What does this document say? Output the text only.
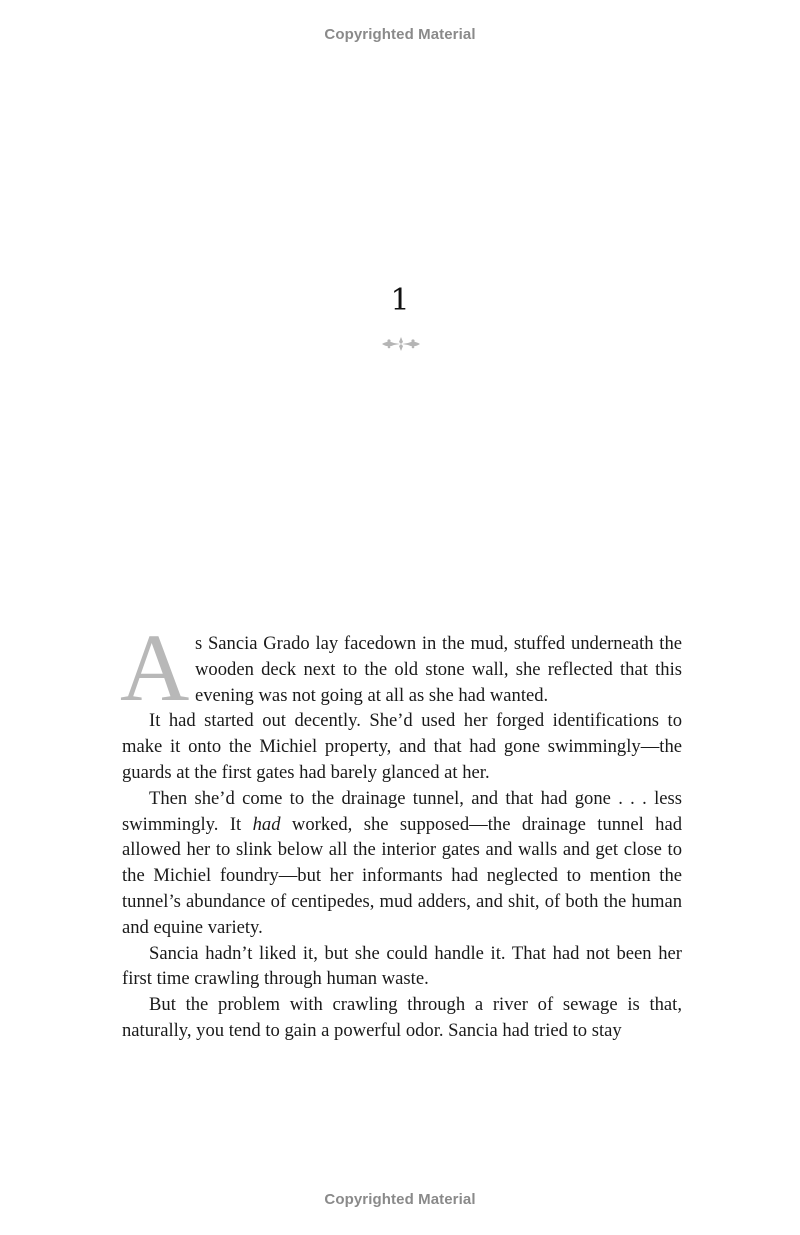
Copyrighted Material
1

A s Sancia Grado lay facedown in the mud, stuffed underneath the wooden deck next to the old stone wall, she reflected that this evening was not going at all as she had wanted.

It had started out decently. She’d used her forged identifications to make it onto the Michiel property, and that had gone swimmingly—the guards at the first gates had barely glanced at her.

Then she’d come to the drainage tunnel, and that had gone . . . less swimmingly. It had worked, she supposed—the drainage tunnel had allowed her to slink below all the interior gates and walls and get close to the Michiel foundry—but her informants had neglected to mention the tunnel’s abundance of centipedes, mud adders, and shit, of both the human and equine variety.

Sancia hadn’t liked it, but she could handle it. That had not been her first time crawling through human waste.

But the problem with crawling through a river of sewage is that, naturally, you tend to gain a powerful odor. Sancia had tried to stay

Copyrighted Material
